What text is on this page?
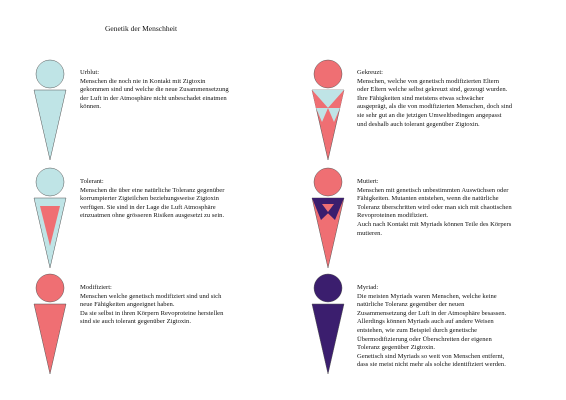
Genetik der Menschheit
Urblut:
Menschen die noch nie in Kontakt mit Zigtoxin
gekommen sind und welche die neue Zusammensetzung
der Luft in der Atmosphäre nicht unbeschadet einatmen
können.
Tolerant:
Menschen die über eine natürliche Toleranz gegenüber
korrumpierter Zigteilchen beziehungsweise Zigtoxin
verfügen. Sie sind in der Lage die Luft Atmosphäre
einzuatmen ohne grösseren Risiken ausgesetzt zu sein.
Modifiziert:
Menschen welche genetisch modifiziert sind und sich
neue Fähigkeiten angeeignet haben.
Da sie selbst in ihren Körpern Revoproteine herstellen
sind sie auch tolerant gegenüber Zigtoxin.
Gekreuzt:
Menschen, welche von genetisch modifizierten Eltern
oder Eltern welche selbst gekreuzt sind, gezeugt wurden.
Ihre Fähigkeiten sind meistens etwas schwächer
ausgeprägt, als die von modifizierten Menschen, doch sind
sie sehr gut an die jetzigen Umweltbedingen angepasst
und deshalb auch tolerant gegenüber Zigtoxin.
Mutiert:
Menschen mit genetisch unbestimmten Auswüchsen oder
Fähigkeiten. Mutanten entstehen, wenn die natürliche
Toleranz überschritten wird oder man sich mit chaotischen
Revoproteinen modifiziert.
Auch nach Kontakt mit Myriads können Teile des Körpers
mutieren.
Myriad:
Die meisten Myriads waren Menschen, welche keine
natürliche Toleranz gegenüber der neuen
Zusammensetzung der Luft in der Atmosphäre besassen.
Allerdings können Myriads auch auf andere Weisen
entstehen, wie zum Beispiel durch genetische
Übermodifizierung oder Überschreiten der eigenen
Toleranz gegenüber Zigtoxin.
Genetisch sind Myriads so weit von Menschen entfernt,
dass sie meist nicht mehr als solche identifiziert werden.
